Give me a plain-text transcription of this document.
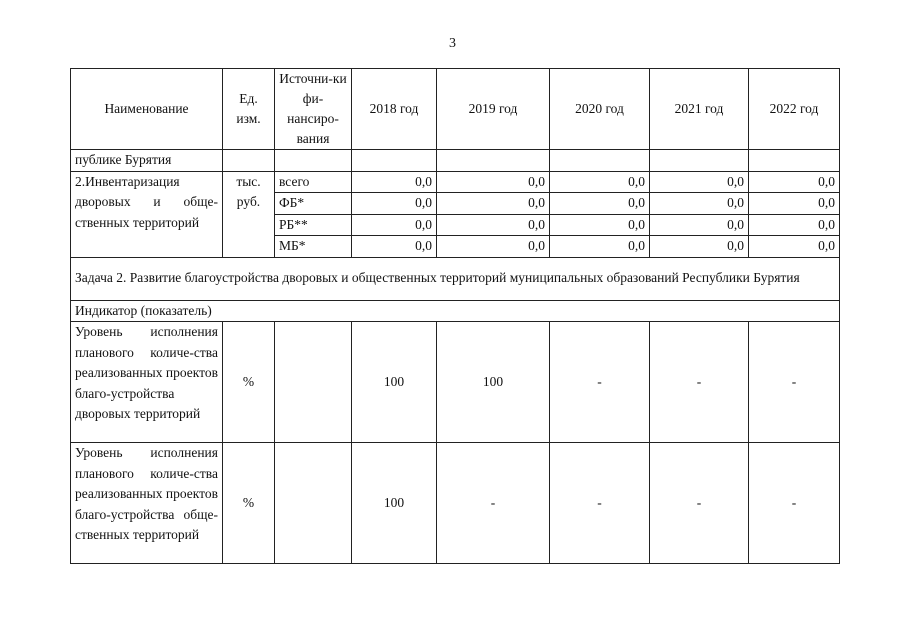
3
Наименование	Ед. изм.	Источни-ки фи-нансиро-вания	2018 год	2019 год	2020 год	2021 год	2022 год
публике Бурятия							
2.Инвентаризация дворовых и обще-ственных территорий	тыс. руб.	всего	0,0	0,0	0,0	0,0	0,0
		ФБ*	0,0	0,0	0,0	0,0	0,0
		РБ**	0,0	0,0	0,0	0,0	0,0
		МБ*	0,0	0,0	0,0	0,0	0,0
Задача 2. Развитие благоустройства дворовых и общественных территорий муниципальных образований Республики Бурятия							
Индикатор (показатель)							
Уровень исполнения планового количе-ства реализованных проектов благо-устройства дворовых территорий	%		100	100	-	-	-
Уровень исполнения планового количе-ства реализованных проектов благо-устройства обще-ственных территорий	%		100	-	-	-	-
